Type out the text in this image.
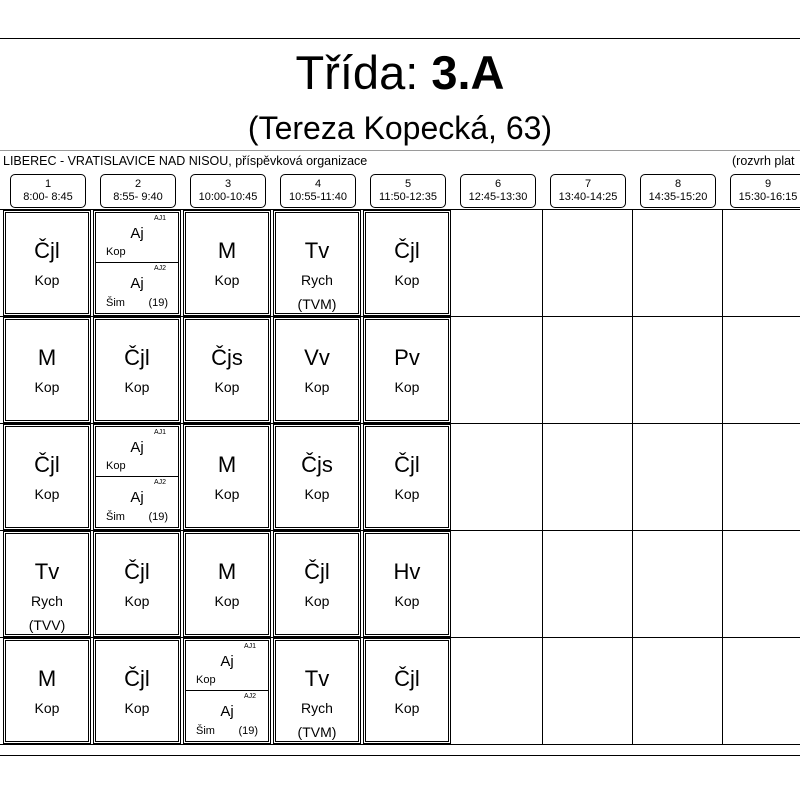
Třída: 3.A
(Tereza Kopecká, 63)
LIBEREC - VRATISLAVICE NAD NISOU, příspěvková organizace	(rozvrh plat
1
8:00- 8:45
2
8:55- 9:40
3
10:00-10:45
4
10:55-11:40
5
11:50-12:35
6
12:45-13:30
7
13:40-14:25
8
14:35-15:20
9
15:30-16:15
Čjl
Kop
AJ1
Aj
Kop
AJ2
Aj
Šim (19)
M
Kop
Tv
Rych
(TVM)
Čjl
Kop
M
Kop
Čjl
Kop
Čjs
Kop
Vv
Kop
Pv
Kop
Čjl
Kop
AJ1
Aj
Kop
AJ2
Aj
Šim (19)
M
Kop
Čjs
Kop
Čjl
Kop
Tv
Rych
(TVV)
Čjl
Kop
M
Kop
Čjl
Kop
Hv
Kop
M
Kop
Čjl
Kop
AJ1
Aj
Kop
AJ2
Aj
Šim (19)
Tv
Rych
(TVM)
Čjl
Kop
